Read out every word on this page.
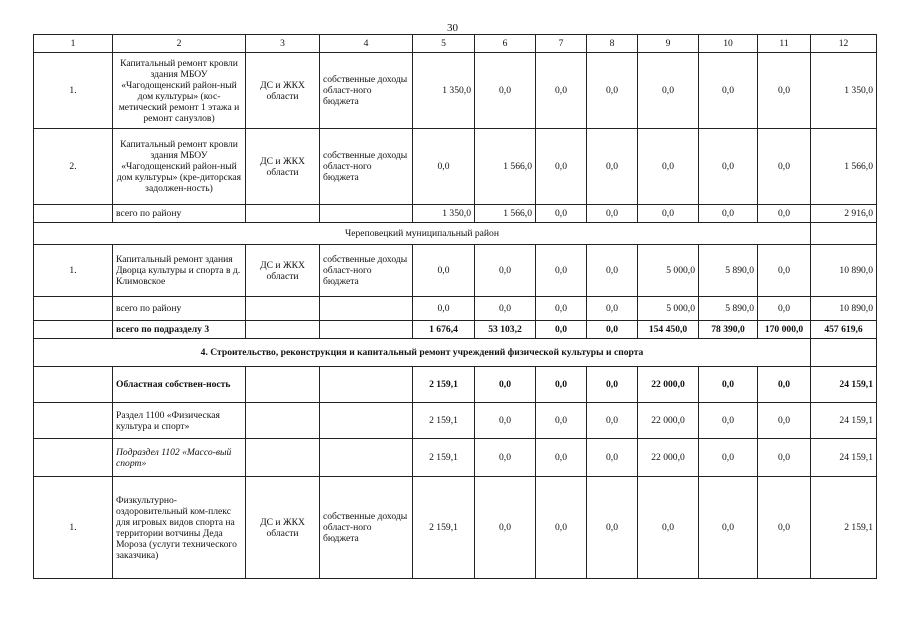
30
1	2	3	4	5	6	7	8	9	10	11	12
1.	Капитальный ремонт кровли здания МБОУ «Чагодощенский район-ный дом культуры» (кос-метический ремонт 1 этажа и ремонт санузлов)	ДС и ЖКХ области	собственные доходы област-ного бюджета	1 350,0	0,0	0,0	0,0	0,0	0,0	0,0	1 350,0
2.	Капитальный ремонт кровли здания МБОУ «Чагодощенский район-ный дом культуры» (кре-диторская задолжен-ность)	ДС и ЖКХ области	собственные доходы област-ного бюджета	0,0	1 566,0	0,0	0,0	0,0	0,0	0,0	1 566,0
	всего по району			1 350,0	1 566,0	0,0	0,0	0,0	0,0	0,0	2 916,0
Череповецкий муниципальный район											
1.	Капитальный ремонт здания Дворца культуры и спорта в д. Климовское	ДС и ЖКХ области	собственные доходы област-ного бюджета	0,0	0,0	0,0	0,0	5 000,0	5 890,0	0,0	10 890,0
	всего по району			0,0	0,0	0,0	0,0	5 000,0	5 890,0	0,0	10 890,0
	всего по подразделу 3			1 676,4	53 103,2	0,0	0,0	154 450,0	78 390,0	170 000,0	457 619,6
4. Строительство, реконструкция и капитальный ремонт учреждений физической культуры и спорта											
	Областная собствен-ность			2 159,1	0,0	0,0	0,0	22 000,0	0,0	0,0	24 159,1
	Раздел 1100 «Физическая культура и спорт»			2 159,1	0,0	0,0	0,0	22 000,0	0,0	0,0	24 159,1
	Подраздел 1102 «Массо-вый спорт»			2 159,1	0,0	0,0	0,0	22 000,0	0,0	0,0	24 159,1
1.	Физкультурно-оздоровительный ком-плекс для игровых видов спорта на территории вотчины Деда Мороза (услуги технического заказчика)	ДС и ЖКХ области	собственные доходы област-ного бюджета	2 159,1	0,0	0,0	0,0	0,0	0,0	0,0	2 159,1
